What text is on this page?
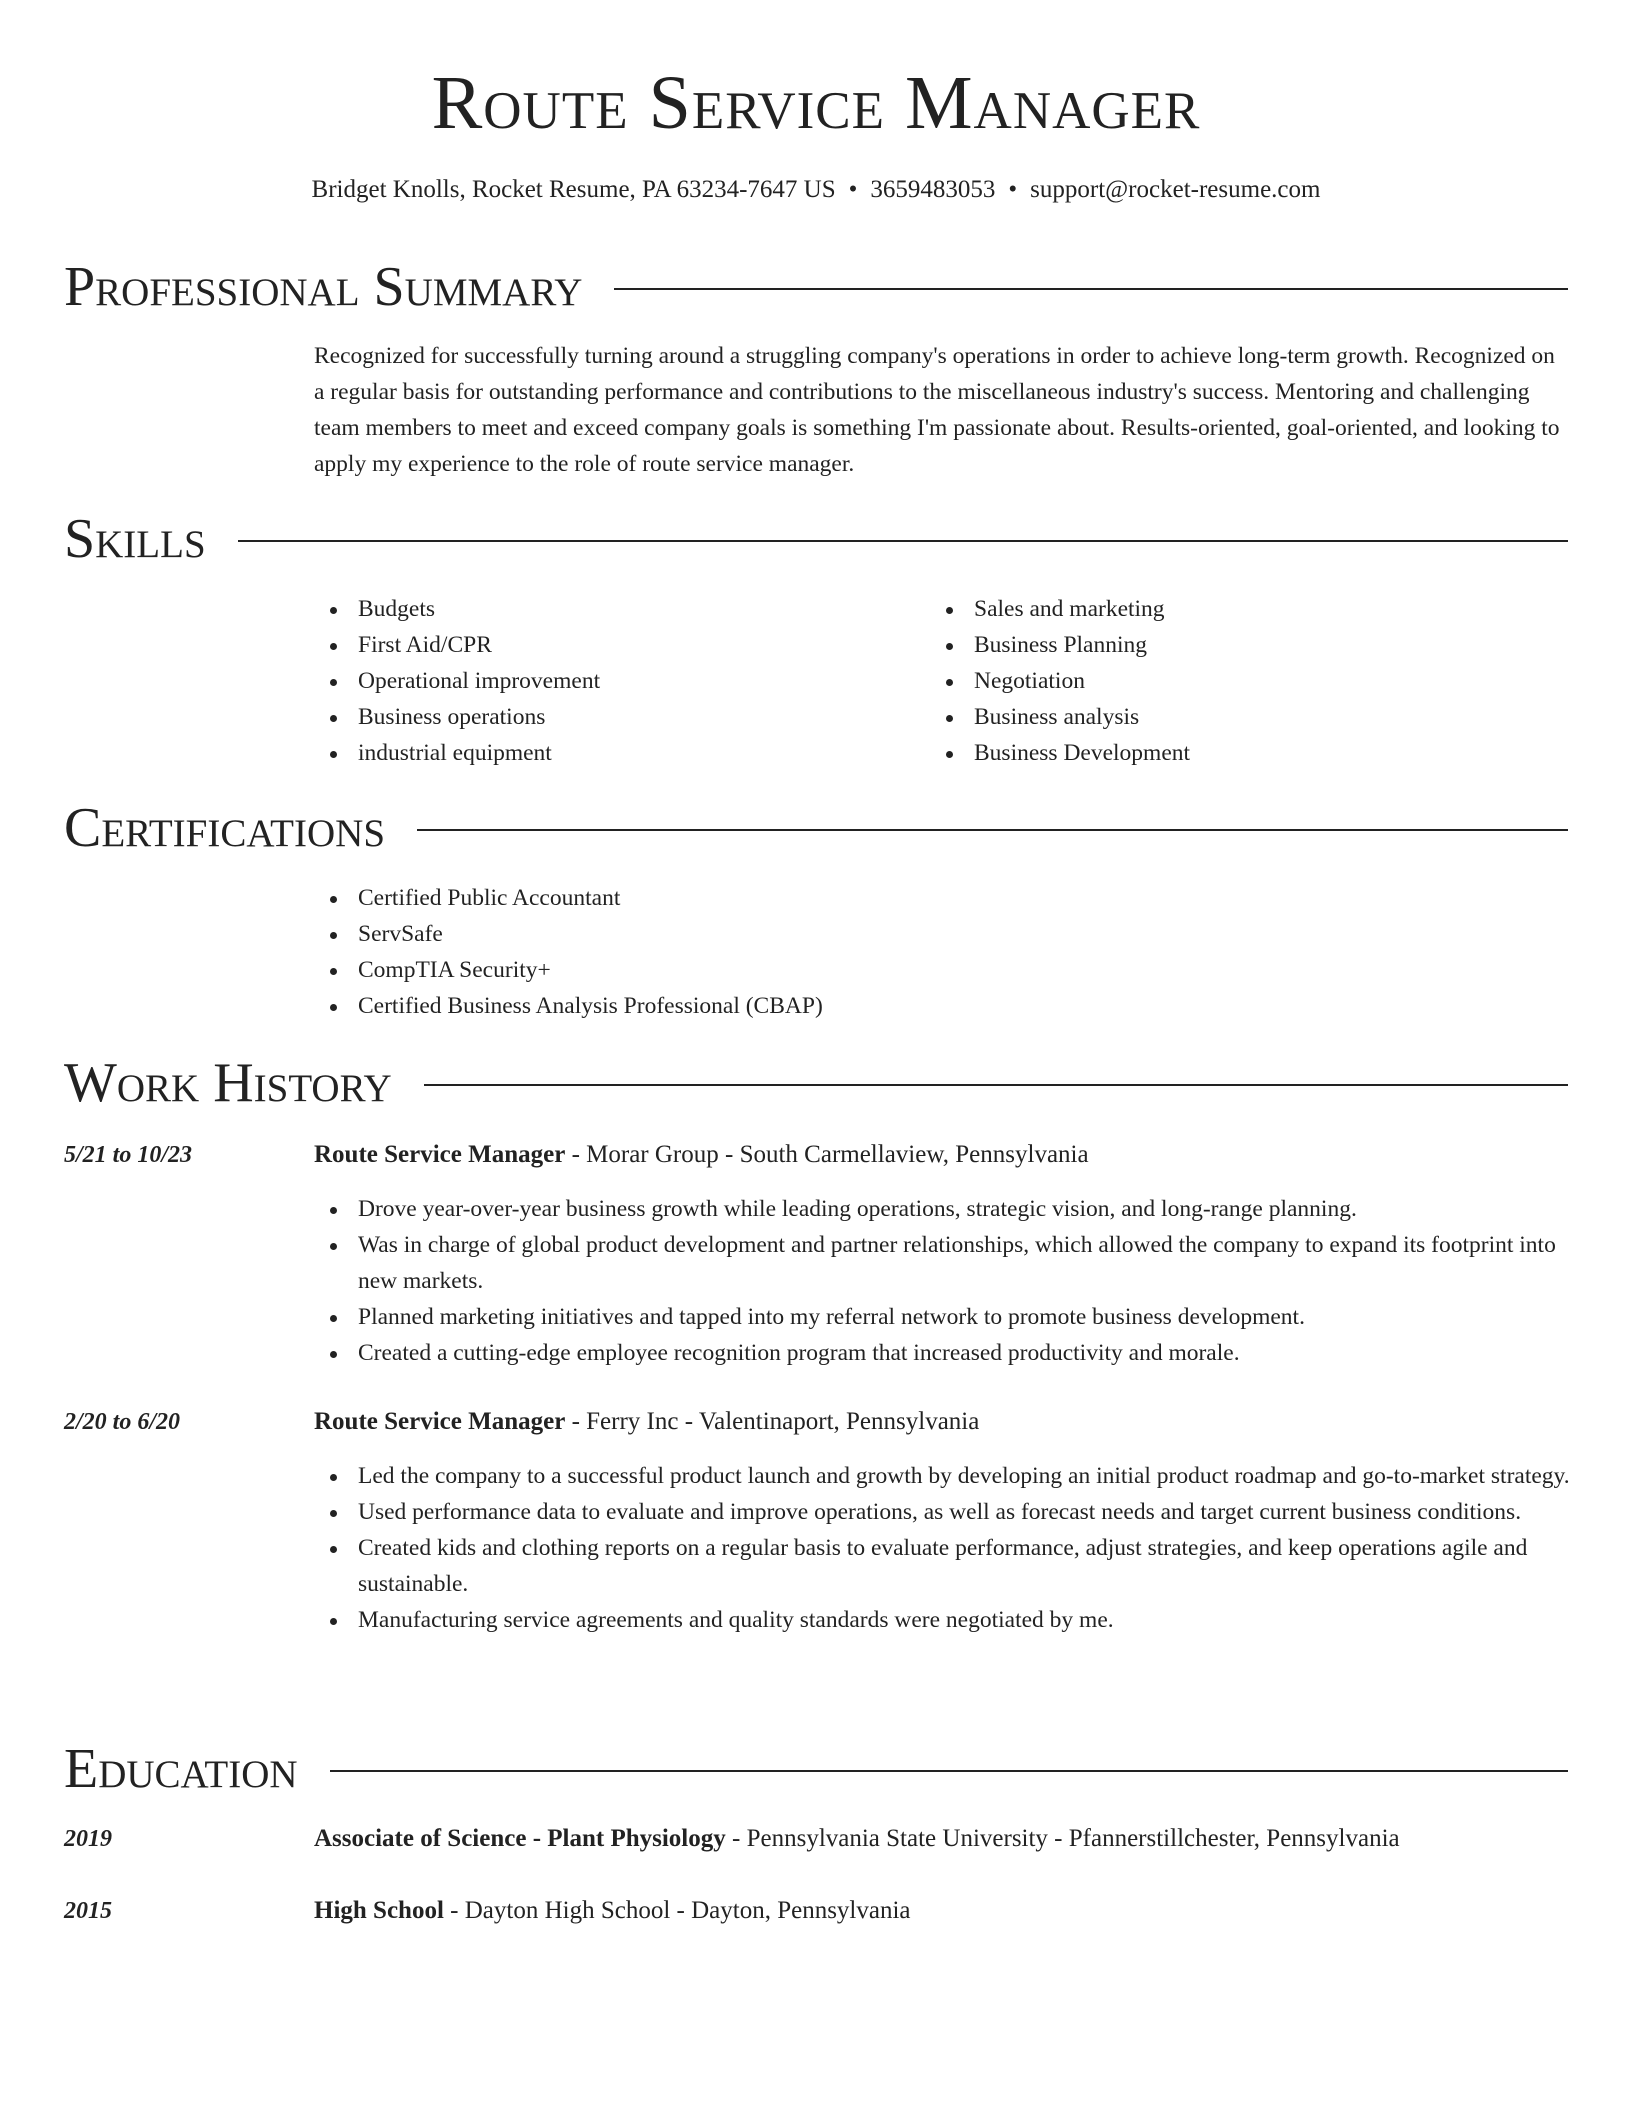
Route Service Manager
Bridget Knolls, Rocket Resume, PA 63234-7647 US • 3659483053 • support@rocket-resume.com
Professional Summary
Recognized for successfully turning around a struggling company's operations in order to achieve long-term growth. Recognized on a regular basis for outstanding performance and contributions to the miscellaneous industry's success. Mentoring and challenging team members to meet and exceed company goals is something I'm passionate about. Results-oriented, goal-oriented, and looking to apply my experience to the role of route service manager.
Skills
Budgets
First Aid/CPR
Operational improvement
Business operations
industrial equipment
Sales and marketing
Business Planning
Negotiation
Business analysis
Business Development
Certifications
Certified Public Accountant
ServSafe
CompTIA Security+
Certified Business Analysis Professional (CBAP)
Work History
5/21 to 10/23	Route Service Manager - Morar Group - South Carmellaview, Pennsylvania
Drove year-over-year business growth while leading operations, strategic vision, and long-range planning.
Was in charge of global product development and partner relationships, which allowed the company to expand its footprint into new markets.
Planned marketing initiatives and tapped into my referral network to promote business development.
Created a cutting-edge employee recognition program that increased productivity and morale.
2/20 to 6/20	Route Service Manager - Ferry Inc - Valentinaport, Pennsylvania
Led the company to a successful product launch and growth by developing an initial product roadmap and go-to-market strategy.
Used performance data to evaluate and improve operations, as well as forecast needs and target current business conditions.
Created kids and clothing reports on a regular basis to evaluate performance, adjust strategies, and keep operations agile and sustainable.
Manufacturing service agreements and quality standards were negotiated by me.
Education
2019	Associate of Science - Plant Physiology - Pennsylvania State University - Pfannerstillchester, Pennsylvania
2015	High School - Dayton High School - Dayton, Pennsylvania
